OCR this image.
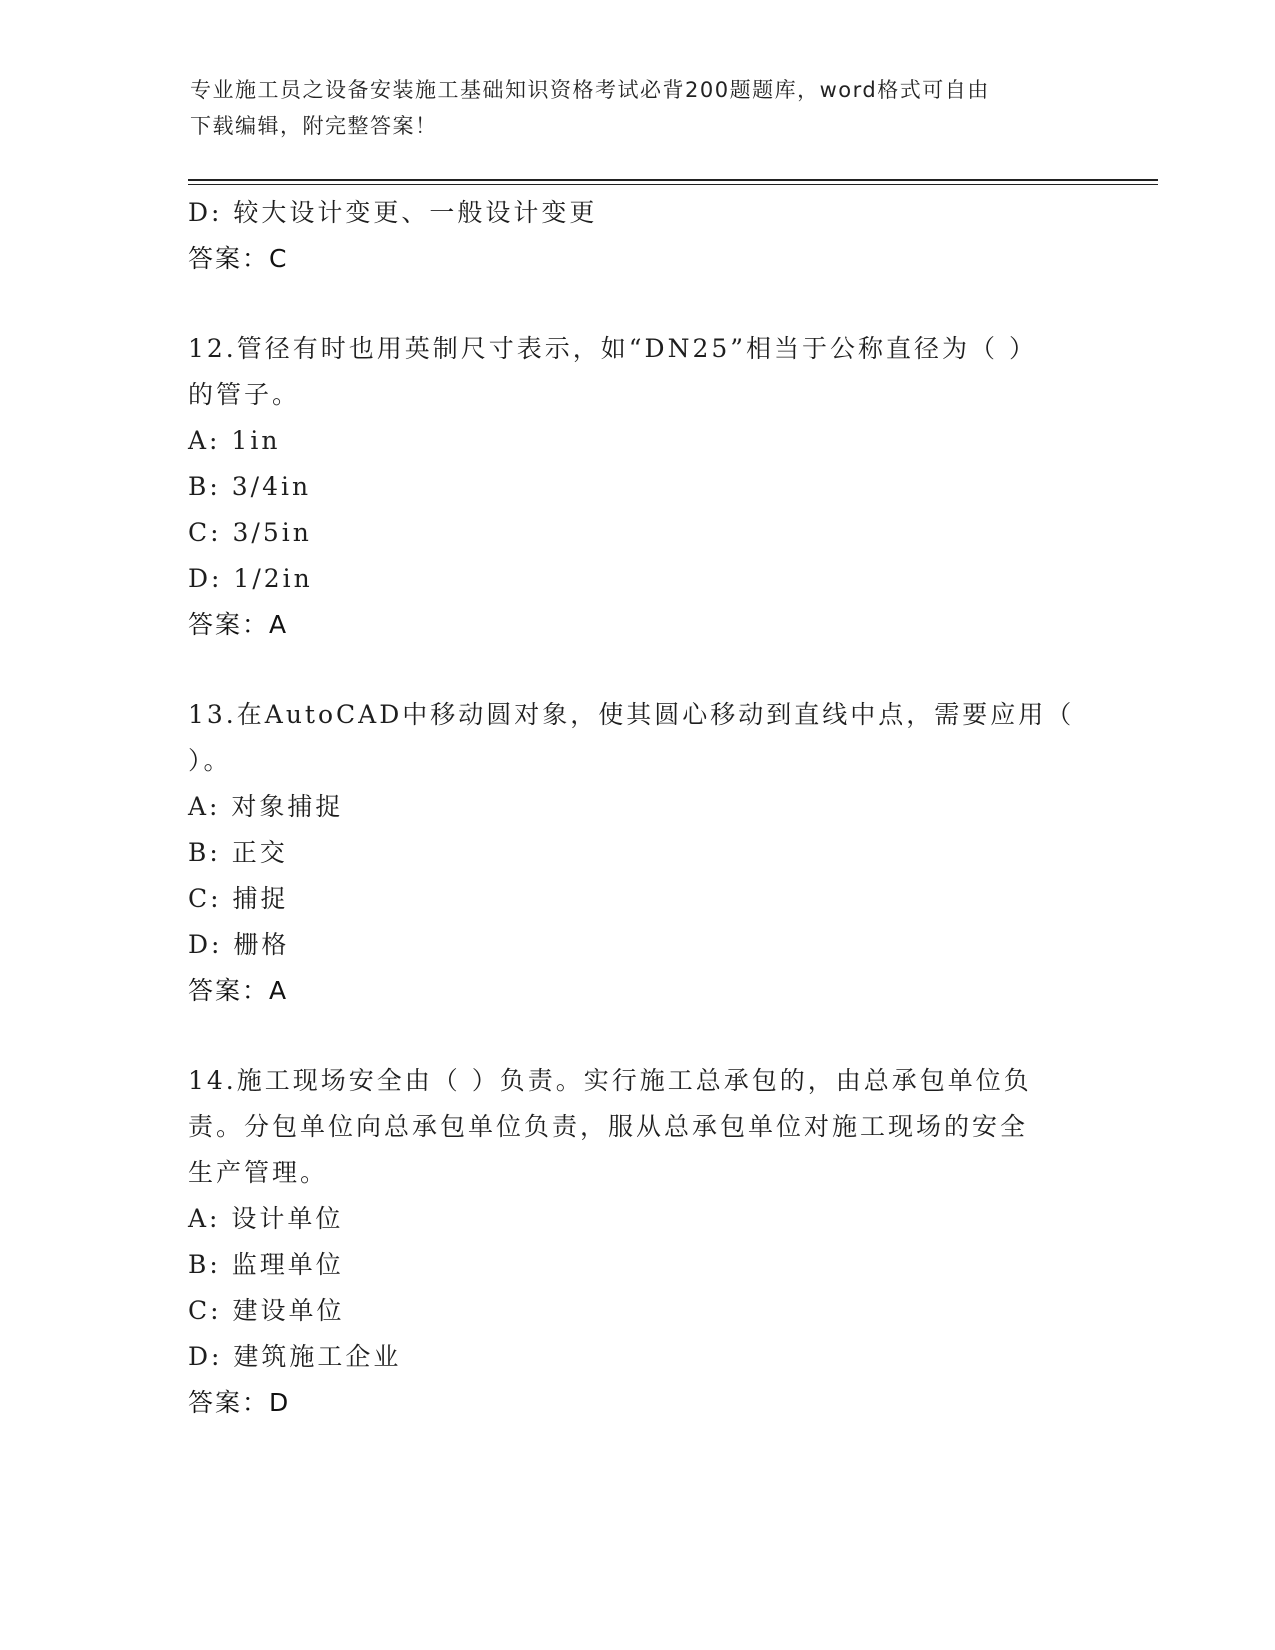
专业施工员之设备安装施工基础知识资格考试必背200题题库，word格式可自由
下载编辑，附完整答案！
D: 较大设计变更、一般设计变更
答案：C
12.管径有时也用英制尺寸表示，如“DN25”相当于公称直径为（ ）
的管子。
A: 1in
B: 3/4in
C: 3/5in
D: 1/2in
答案：A
13.在AutoCAD中移动圆对象，使其圆心移动到直线中点，需要应用（
）。
A: 对象捕捉
B: 正交
C: 捕捉
D: 栅格
答案：A
14.施工现场安全由（ ）负责。实行施工总承包的，由总承包单位负
责。分包单位向总承包单位负责，服从总承包单位对施工现场的安全
生产管理。
A: 设计单位
B: 监理单位
C: 建设单位
D: 建筑施工企业
答案：D
